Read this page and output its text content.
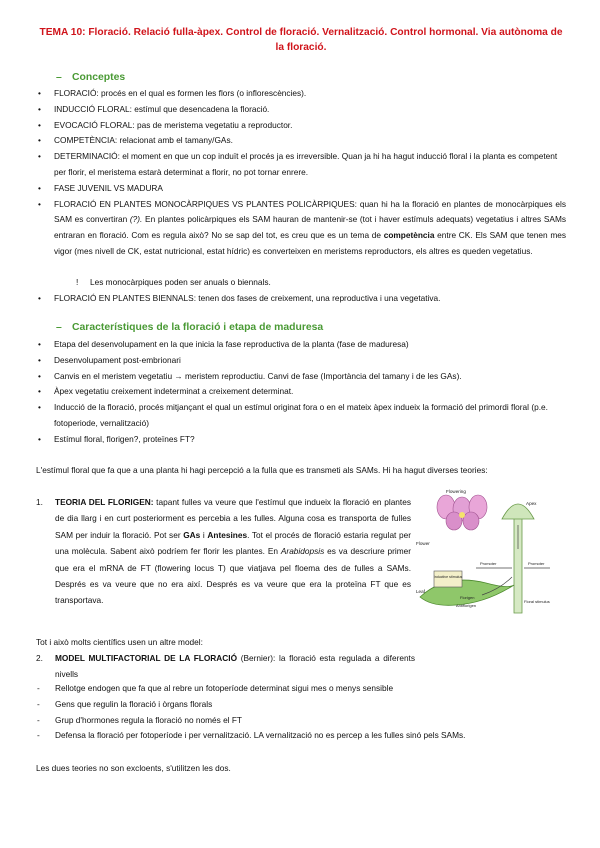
TEMA 10: Floració. Relació fulla-àpex. Control de floració. Vernalització. Control hormonal. Via autònoma de la floració.
– Conceptes
• FLORACIÓ: procés en el qual es formen les flors (o inflorescències).
• INDUCCIÓ FLORAL: estímul que desencadena la floració.
• EVOCACIÓ FLORAL: pas de meristema vegetatiu a reproductor.
• COMPETÈNCIA: relacionat amb el tamany/GAs.
• DETERMINACIÓ: el moment en que un cop induït el procés ja es irreversible. Quan ja hi ha hagut inducció floral i la planta es competent per florir, el meristema estarà determinat a florir, no pot tornar enrere.
• FASE JUVENIL VS MADURA
• FLORACIÓ EN PLANTES MONOCÀRPIQUES VS PLANTES POLICÀRPIQUES: quan hi ha la floració en plantes de monocàrpiques els SAM es convertiran (?). En plantes policàrpiques els SAM hauran de mantenir-se (tot i haver estímuls adequats) vegetatius i altres SAMs entraran en floració. Com es regula això? No se sap del tot, es creu que es un tema de competència entre CK. Els SAM que tenen mes vigor (mes nivell de CK, estat nutricional, estat hídric) es converteixen en meristems reproductors, els altres es queden vegetatius.
! Les monocàrpiques poden ser anuals o biennals.
• FLORACIÓ EN PLANTES BIENNALS: tenen dos fases de creixement, una reproductiva i una vegetativa.
– Característiques de la floració i etapa de maduresa
• Etapa del desenvolupament en la que inicia la fase reproductiva de la planta (fase de maduresa)
• Desenvolupament post-embrionari
• Canvis en el meristem vegetatiu → meristem reproductiu. Canvi de fase (Importància del tamany i de les GAs).
• Àpex vegetatiu creixement indeterminat a creixement determinat.
• Inducció de la floració, procés mitjançant el qual un estímul originat fora o en el mateix àpex indueix la formació del primordi floral (p.e. fotoperiode, vernalització)
• Estímul floral, florigen?, proteïnes FT?
L'estímul floral que fa que a una planta hi hagi percepció a la fulla que es transmeti als SAMs. Hi ha hagut diverses teories:
1. TEORIA DEL FLORIGEN: tapant fulles va veure que l'estímul que indueix la floració en plantes de dia llarg i en curt posteriorment es percebia a les fulles. Alguna cosa es transporta de fulles SAM per induir la floració. Pot ser GAs i Antesines. Tot el procés de floració estaria regulat per una molècula. Sabent això podríem fer florir les plantes. En Arabidopsis es va descriure primer que era el mRNA de FT (flowering locus T) que viatjava pel floema des de fulles a SAMs. Després es va veure que no era així. Després es va veure que era la proteïna FT que es transportava.
Inductive stimulus
Flowering
Apex
Flower
Promoter	Promoter
Leaf
Florigen
Antiflorigen
Floral stimulus
Tot i això molts científics usen un altre model:
2. MODEL MULTIFACTORIAL DE LA FLORACIÓ (Bernier): la floració esta regulada a diferents nivells
- Rellotge endogen que fa que al rebre un fotoperíode determinat sigui mes o menys sensible
- Gens que regulin la floració i òrgans florals
- Grup d'hormones regula la floració no només el FT
- Defensa la floració per fotoperíode i per vernalització. LA vernalització no es percep a les fulles sinó pels SAMs.
Les dues teories no son excloents, s'utilitzen les dos.
